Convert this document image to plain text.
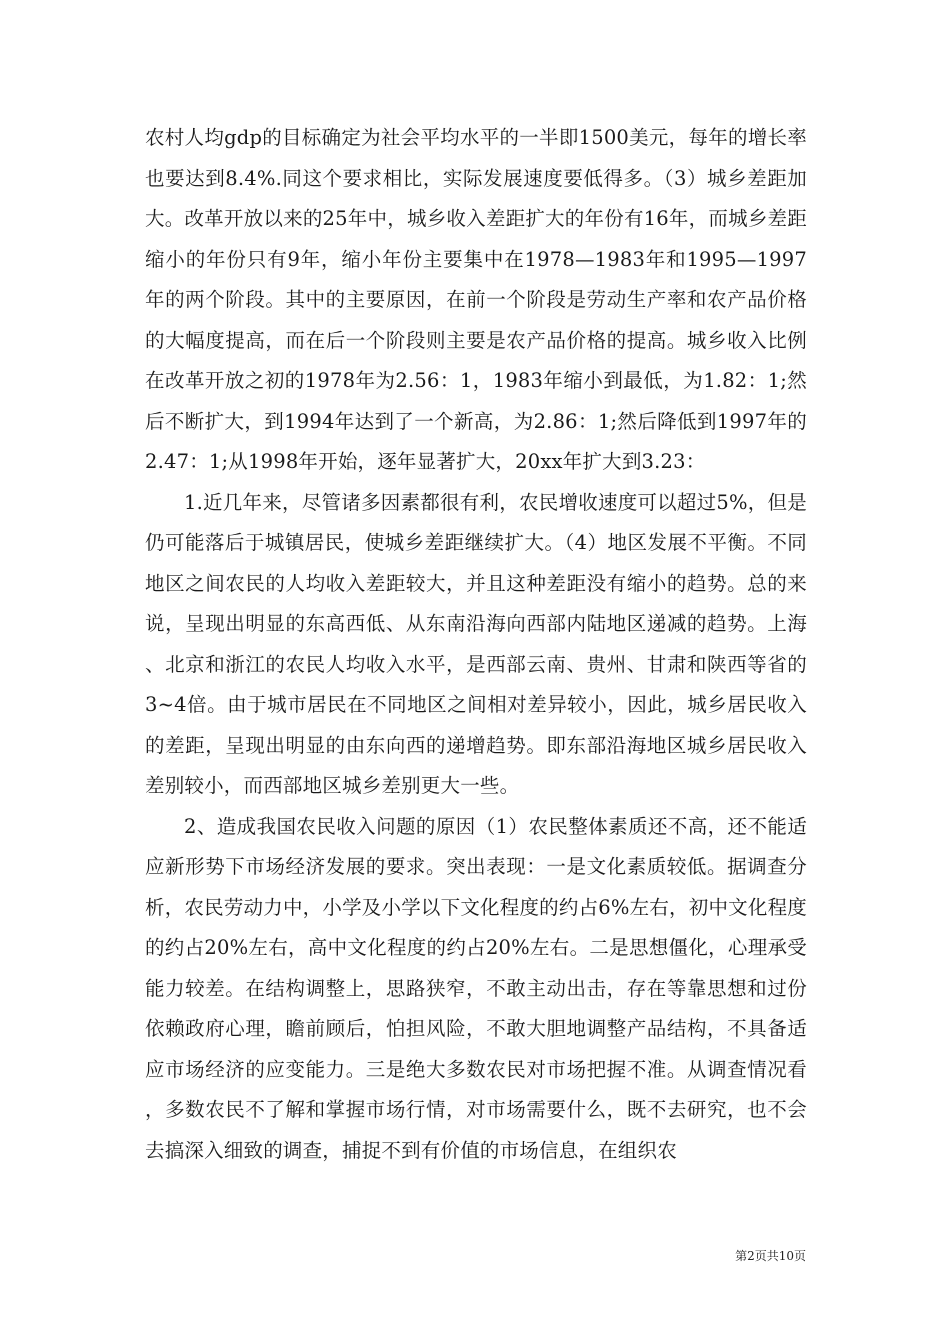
农村人均gdp的目标确定为社会平均水平的一半即1500美元，每年的增长率也要达到8.4%.同这个要求相比，实际发展速度要低得多。（3）城乡差距加大。改革开放以来的25年中，城乡收入差距扩大的年份有16年，而城乡差距缩小的年份只有9年，缩小年份主要集中在1978—1983年和1995—1997年的两个阶段。其中的主要原因，在前一个阶段是劳动生产率和农产品价格的大幅度提高，而在后一个阶段则主要是农产品价格的提高。城乡收入比例在改革开放之初的1978年为2.56：1，1983年缩小到最低，为1.82：1;然后不断扩大，到1994年达到了一个新高，为2.86：1;然后降低到1997年的2.47：1;从1998年开始，逐年显著扩大，20xx年扩大到3.23：

1.近几年来，尽管诸多因素都很有利，农民增收速度可以超过5%，但是仍可能落后于城镇居民，使城乡差距继续扩大。（4）地区发展不平衡。不同地区之间农民的人均收入差距较大，并且这种差距没有缩小的趋势。总的来说，呈现出明显的东高西低、从东南沿海向西部内陆地区递减的趋势。上海、北京和浙江的农民人均收入水平，是西部云南、贵州、甘肃和陕西等省的3~4倍。由于城市居民在不同地区之间相对差异较小，因此，城乡居民收入的差距，呈现出明显的由东向西的递增趋势。即东部沿海地区城乡居民收入差别较小，而西部地区城乡差别更大一些。

2、造成我国农民收入问题的原因（1）农民整体素质还不高，还不能适应新形势下市场经济发展的要求。突出表现：一是文化素质较低。据调查分析，农民劳动力中，小学及小学以下文化程度的约占6%左右，初中文化程度的约占20%左右，高中文化程度的约占20%左右。二是思想僵化，心理承受能力较差。在结构调整上，思路狭窄，不敢主动出击，存在等靠思想和过份依赖政府心理，瞻前顾后，怕担风险，不敢大胆地调整产品结构，不具备适应市场经济的应变能力。三是绝大多数农民对市场把握不准。从调查情况看，多数农民不了解和掌握市场行情，对市场需要什么，既不去研究，也不会去搞深入细致的调查，捕捉不到有价值的市场信息，在组织农

第2页共10页
